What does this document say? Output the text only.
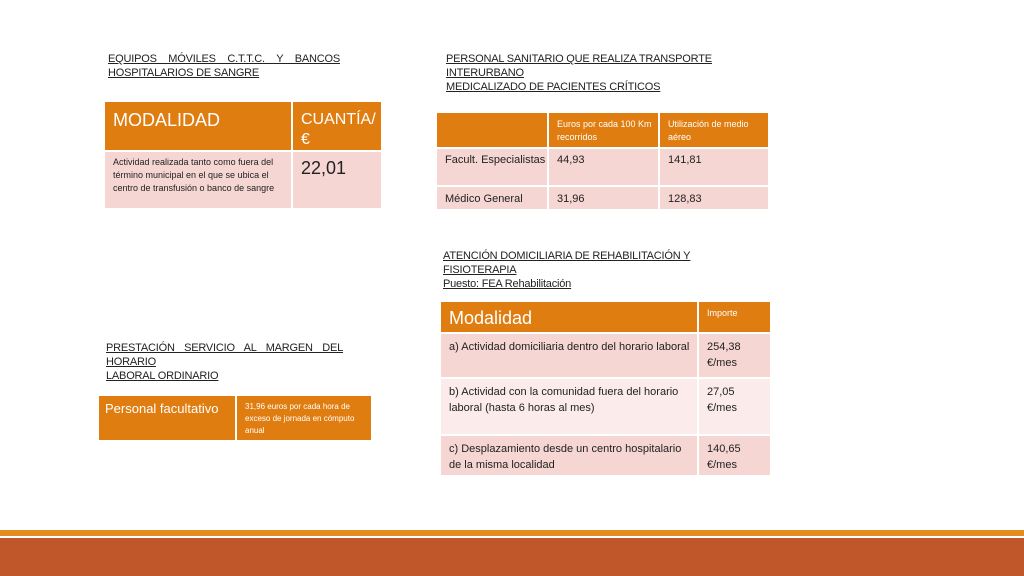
EQUIPOS MÓVILES C.T.T.C. Y BANCOS
HOSPITALARIOS DE SANGRE
PERSONAL SANITARIO QUE REALIZA TRANSPORTE INTERURBANO
MEDICALIZADO DE PACIENTES CRÍTICOS
MODALIDAD	CUANTÍA/ €
Actividad realizada tanto como fuera del término municipal en el que se ubica el centro de transfusión o banco de sangre	22,01
	Euros por cada 100 Km recorridos	Utilización de medio aéreo
Facult. Especialistas	44,93	141,81
Médico General	31,96	128,83
ATENCIÓN DOMICILIARIA DE REHABILITACIÓN Y FISIOTERAPIA
Puesto: FEA Rehabilitación
Modalidad	Importe
a) Actividad domiciliaria dentro del horario laboral	254,38 €/mes
b) Actividad con la comunidad fuera del horario laboral (hasta 6 horas al mes)	27,05 €/mes
c) Desplazamiento desde un centro hospitalario de la misma localidad	140,65 €/mes
PRESTACIÓN SERVICIO AL MARGEN DEL HORARIO
LABORAL ORDINARIO
Personal facultativo	31,96 euros por cada hora de exceso de jornada en cómputo anual
